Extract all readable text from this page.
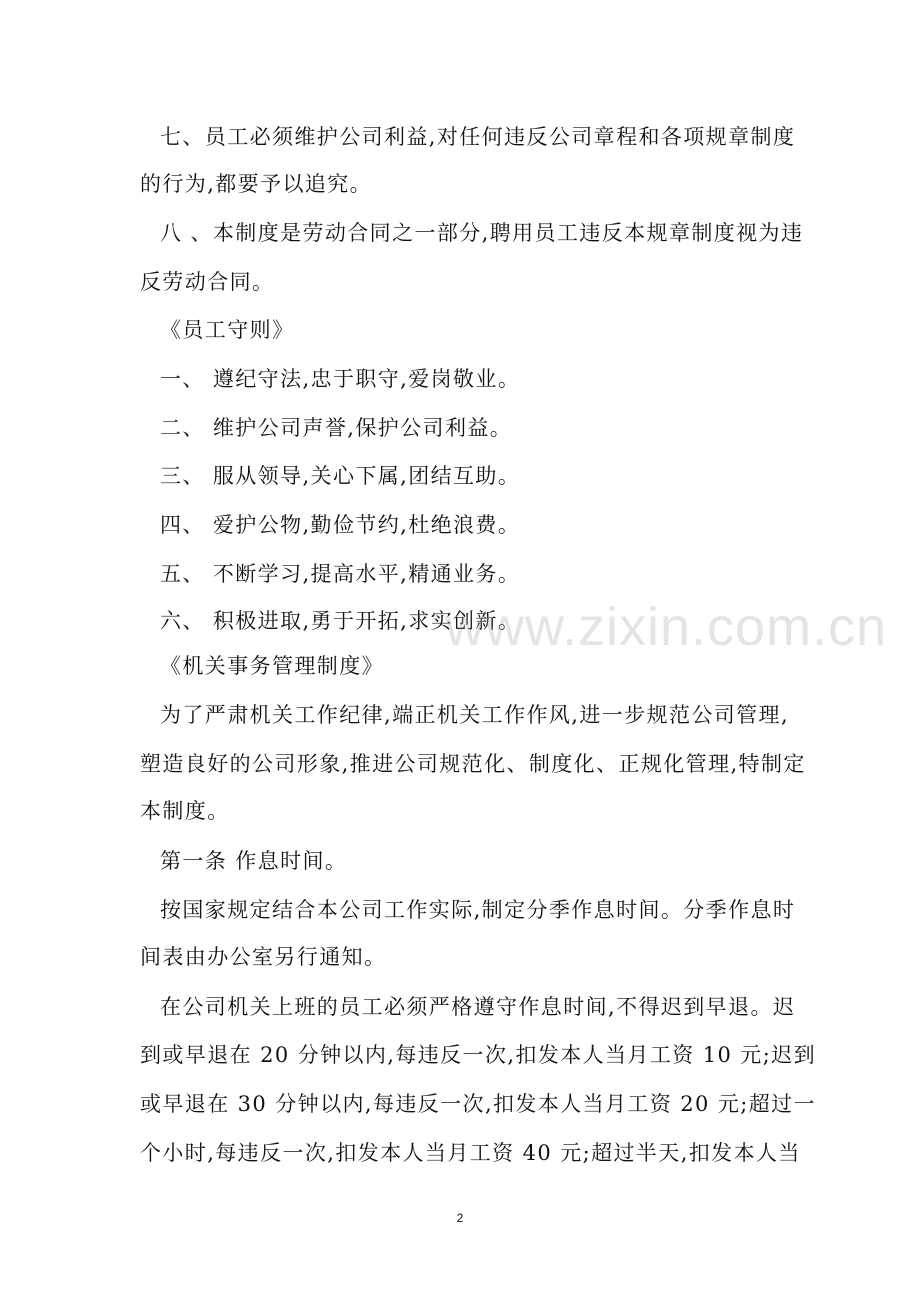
七、员工必须维护公司利益,对任何违反公司章程和各项规章制度
的行为,都要予以追究。
八 、本制度是劳动合同之一部分,聘用员工违反本规章制度视为违
反劳动合同。
《员工守则》
一、 遵纪守法,忠于职守,爱岗敬业。
二、 维护公司声誉,保护公司利益。
三、 服从领导,关心下属,团结互助。
四、 爱护公物,勤俭节约,杜绝浪费。
五、 不断学习,提高水平,精通业务。
六、 积极进取,勇于开拓,求实创新。
《机关事务管理制度》
为了严肃机关工作纪律,端正机关工作作风,进一步规范公司管理,
塑造良好的公司形象,推进公司规范化、制度化、正规化管理,特制定
本制度。
第一条 作息时间。
按国家规定结合本公司工作实际,制定分季作息时间。分季作息时
间表由办公室另行通知。
在公司机关上班的员工必须严格遵守作息时间,不得迟到早退。迟
到或早退在 20 分钟以内,每违反一次,扣发本人当月工资 10 元;迟到
或早退在 30 分钟以内,每违反一次,扣发本人当月工资 20 元;超过一
个小时,每违反一次,扣发本人当月工资 40 元;超过半天,扣发本人当
www.zixin.com.cn
2
